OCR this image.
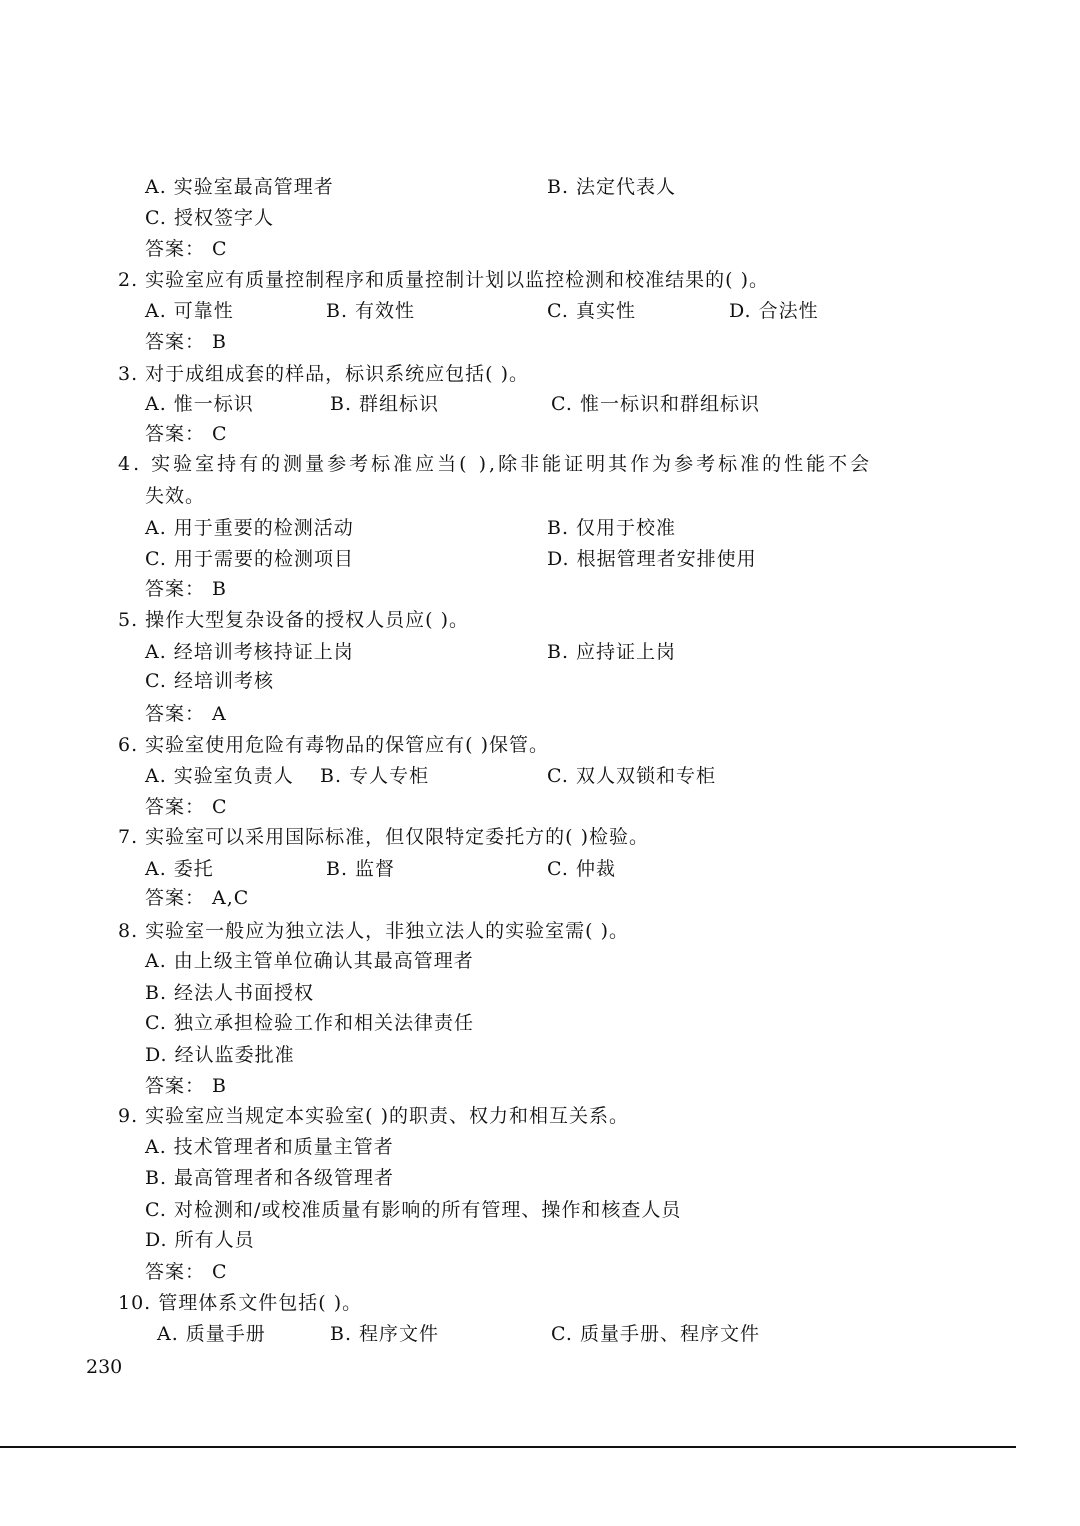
A. 实验室最高管理者	B. 法定代表人
C. 授权签字人
答案： C
2. 实验室应有质量控制程序和质量控制计划以监控检测和校准结果的( )。
A. 可靠性	B. 有效性	C. 真实性	D. 合法性
答案： B
3. 对于成组成套的样品，标识系统应包括( )。
A. 惟一标识	B. 群组标识	C. 惟一标识和群组标识
答案： C
4. 实验室持有的测量参考标准应当( ),除非能证明其作为参考标准的性能不会
失效。
A. 用于重要的检测活动	B. 仅用于校准
C. 用于需要的检测项目	D. 根据管理者安排使用
答案： B
5. 操作大型复杂设备的授权人员应( )。
A. 经培训考核持证上岗	B. 应持证上岗
C. 经培训考核
答案： A
6. 实验室使用危险有毒物品的保管应有( )保管。
A. 实验室负责人 B. 专人专柜	C. 双人双锁和专柜
答案： C
7. 实验室可以采用国际标准，但仅限特定委托方的( )检验。
A. 委托	B. 监督	C. 仲裁
答案： A,C
8. 实验室一般应为独立法人，非独立法人的实验室需( )。
A. 由上级主管单位确认其最高管理者
B. 经法人书面授权
C. 独立承担检验工作和相关法律责任
D. 经认监委批准
答案： B
9. 实验室应当规定本实验室( )的职责、权力和相互关系。
A. 技术管理者和质量主管者
B. 最高管理者和各级管理者
C. 对检测和/或校准质量有影响的所有管理、操作和核查人员
D. 所有人员
答案： C
10. 管理体系文件包括( )。
A. 质量手册	B. 程序文件	C. 质量手册、程序文件
230
